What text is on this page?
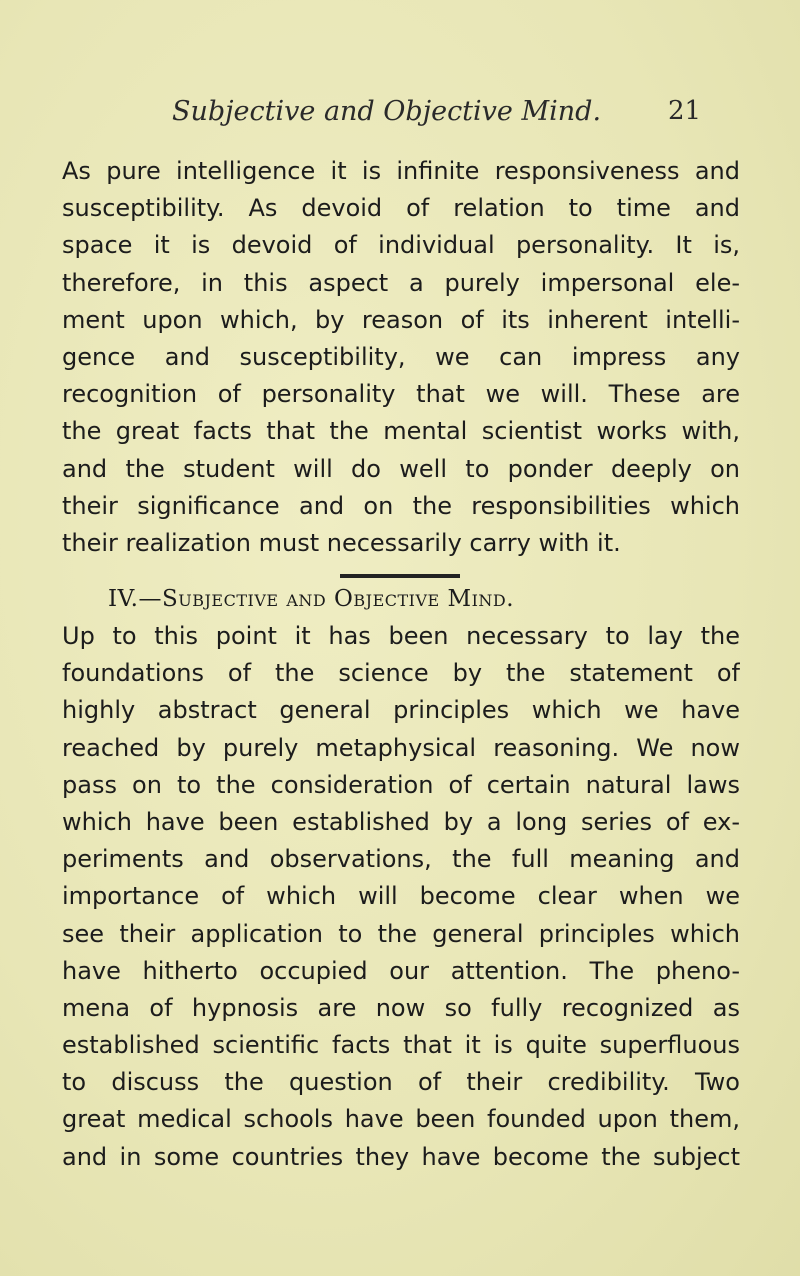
Subjective and Objective Mind.	21
As pure intelligence it is infinite responsiveness and
susceptibility. As devoid of relation to time and
space it is devoid of individual personality. It is,
therefore, in this aspect a purely impersonal ele-
ment upon which, by reason of its inherent intelli-
gence and susceptibility, we can impress any
recognition of personality that we will. These are
the great facts that the mental scientist works with,
and the student will do well to ponder deeply on
their significance and on the responsibilities which
their realization must necessarily carry with it.
IV.—Subjective and Objective Mind.
Up to this point it has been necessary to lay the
foundations of the science by the statement of
highly abstract general principles which we have
reached by purely metaphysical reasoning. We now
pass on to the consideration of certain natural laws
which have been established by a long series of ex-
periments and observations, the full meaning and
importance of which will become clear when we
see their application to the general principles which
have hitherto occupied our attention. The pheno-
mena of hypnosis are now so fully recognized as
established scientific facts that it is quite superfluous
to discuss the question of their credibility. Two
great medical schools have been founded upon them,
and in some countries they have become the subject
